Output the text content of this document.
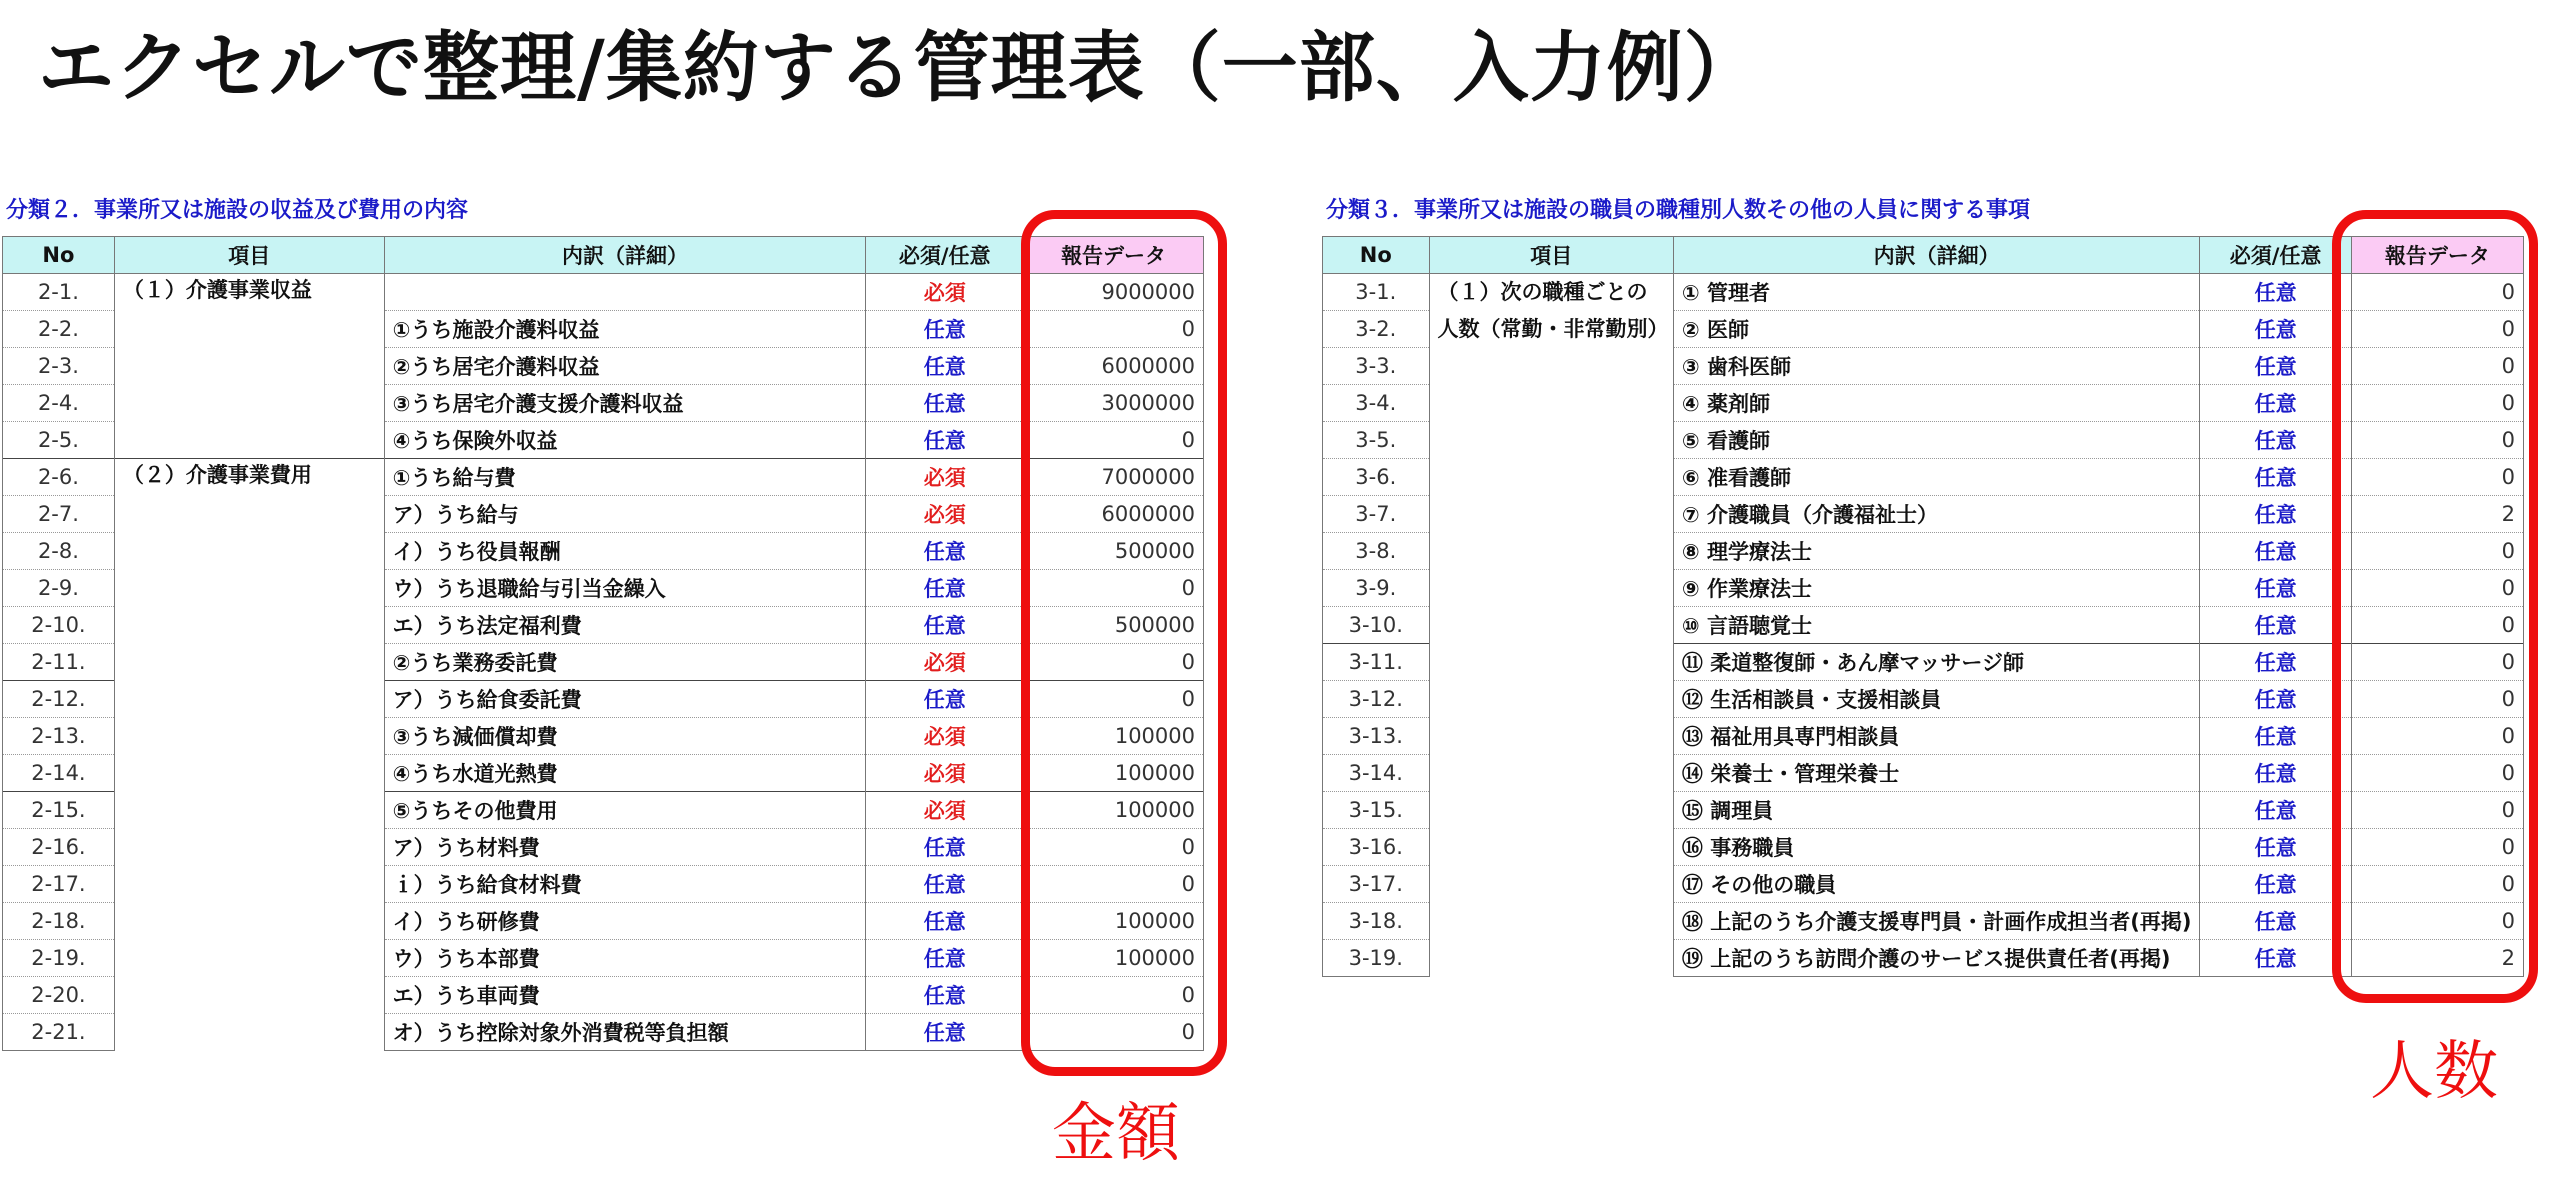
エクセルで整理/集約する管理表（一部、入力例）
分類２．事業所又は施設の収益及び費用の内容
No	項目	内訳（詳細）	必須/任意	報告データ
2-1.	（１）介護事業収益		必須	9000000
2-2.		①うち施設介護料収益	任意	0
2-3.		②うち居宅介護料収益	任意	6000000
2-4.		③うち居宅介護支援介護料収益	任意	3000000
2-5.		④うち保険外収益	任意	0
2-6.	（２）介護事業費用	①うち給与費	必須	7000000
2-7.		ア）うち給与	必須	6000000
2-8.		イ）うち役員報酬	任意	500000
2-9.		ウ）うち退職給与引当金繰入	任意	0
2-10.		エ）うち法定福利費	任意	500000
2-11.		②うち業務委託費	必須	0
2-12.		ア）うち給食委託費	任意	0
2-13.		③うち減価償却費	必須	100000
2-14.		④うち水道光熱費	必須	100000
2-15.		⑤うちその他費用	必須	100000
2-16.		ア）うち材料費	任意	0
2-17.		ｉ）うち給食材料費	任意	0
2-18.		イ）うち研修費	任意	100000
2-19.		ウ）うち本部費	任意	100000
2-20.		エ）うち車両費	任意	0
2-21.		オ）うち控除対象外消費税等負担額	任意	0

金額

分類３．事業所又は施設の職員の職種別人数その他の人員に関する事項
No	項目	内訳（詳細）	必須/任意	報告データ
3-1.	（１）次の職種ごとの人数（常勤・非常勤別）	① 管理者	任意	0
3-2.		② 医師	任意	0
3-3.		③ 歯科医師	任意	0
3-4.		④ 薬剤師	任意	0
3-5.		⑤ 看護師	任意	0
3-6.		⑥ 准看護師	任意	0
3-7.		⑦ 介護職員（介護福祉士）	任意	2
3-8.		⑧ 理学療法士	任意	0
3-9.		⑨ 作業療法士	任意	0
3-10.		⑩ 言語聴覚士	任意	0
3-11.		⑪ 柔道整復師・あん摩マッサージ師	任意	0
3-12.		⑫ 生活相談員・支援相談員	任意	0
3-13.		⑬ 福祉用具専門相談員	任意	0
3-14.		⑭ 栄養士・管理栄養士	任意	0
3-15.		⑮ 調理員	任意	0
3-16.		⑯ 事務職員	任意	0
3-17.		⑰ その他の職員	任意	0
3-18.		⑱ 上記のうち介護支援専門員・計画作成担当者(再掲)	任意	0
3-19.		⑲ 上記のうち訪問介護のサービス提供責任者(再掲)	任意	2

人数
